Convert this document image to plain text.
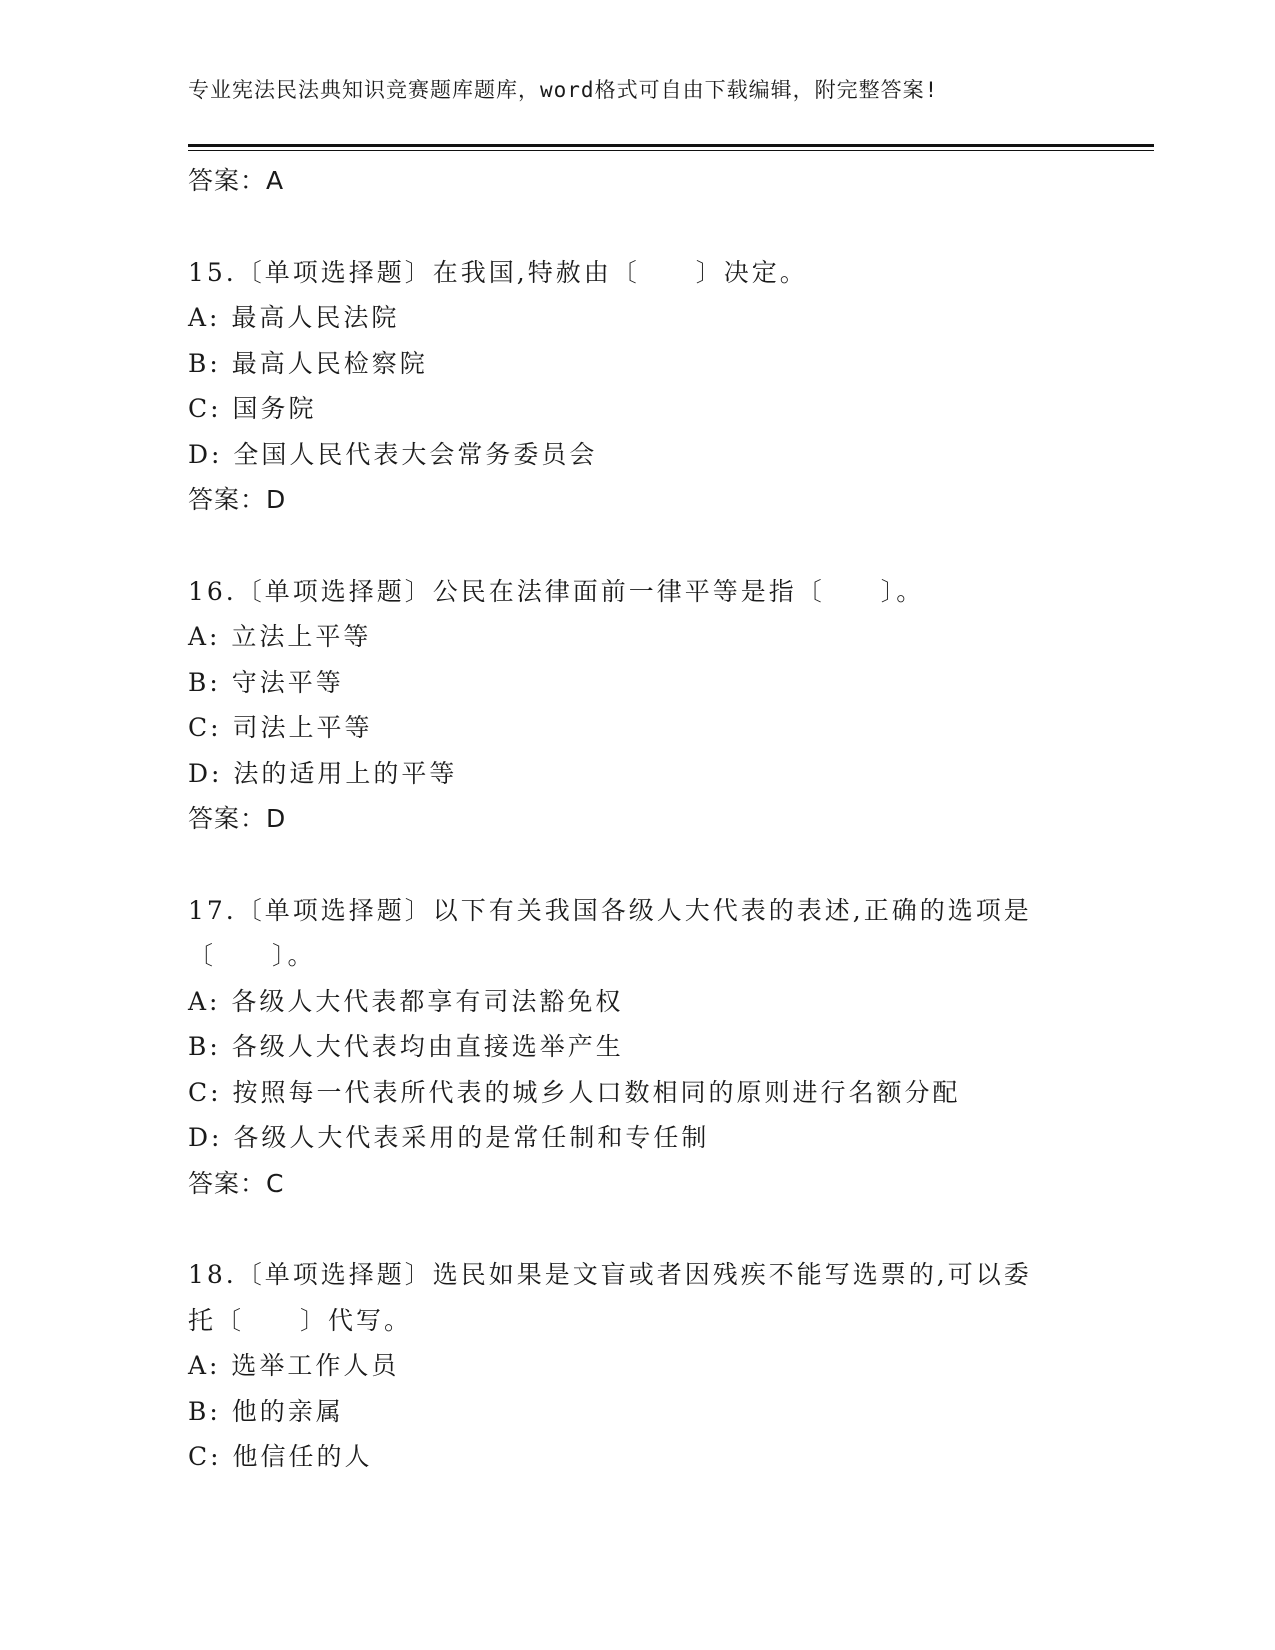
专业宪法民法典知识竞赛题库题库，word格式可自由下载编辑，附完整答案!
答案：A
15.〔单项选择题〕在我国,特赦由〔　　〕决定。
A: 最高人民法院
B: 最高人民检察院
C: 国务院
D: 全国人民代表大会常务委员会
答案：D
16.〔单项选择题〕公民在法律面前一律平等是指〔　　〕。
A: 立法上平等
B: 守法平等
C: 司法上平等
D: 法的适用上的平等
答案：D
17.〔单项选择题〕以下有关我国各级人大代表的表述,正确的选项是
〔　　〕。
A: 各级人大代表都享有司法豁免权
B: 各级人大代表均由直接选举产生
C: 按照每一代表所代表的城乡人口数相同的原则进行名额分配
D: 各级人大代表采用的是常任制和专任制
答案：C
18.〔单项选择题〕选民如果是文盲或者因残疾不能写选票的,可以委
托〔　　〕代写。
A: 选举工作人员
B: 他的亲属
C: 他信任的人
